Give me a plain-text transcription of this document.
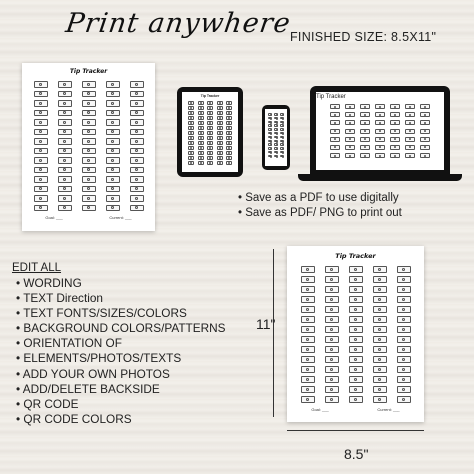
Print anywhere
FINISHED SIZE: 8.5X11"
Tip Tracker
Goal: ___	Current: ___
Tip Tracker	Tip Tracker
• Save as a PDF to use digitally
• Save as PDF/ PNG to print out
EDIT ALL
• WORDING
• TEXT Direction
• TEXT FONTS/SIZES/COLORS
• BACKGROUND COLORS/PATTERNS
• ORIENTATION OF
• ELEMENTS/PHOTOS/TEXTS
• ADD YOUR OWN PHOTOS
• ADD/DELETE BACKSIDE
• QR CODE
• QR CODE COLORS
11"
Tip Tracker
Goal: ___	Current: ___
8.5"
